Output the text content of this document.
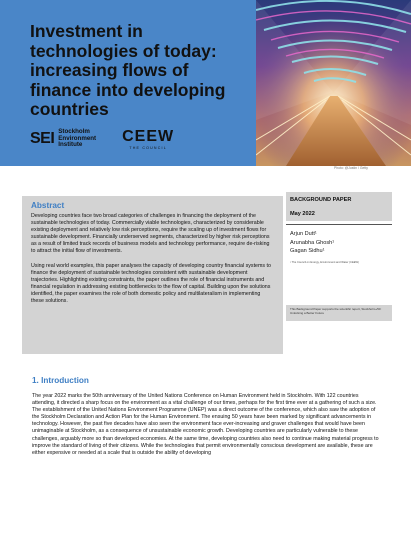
Investment in technologies of today: increasing flows of finance into developing countries
SEI Stockholm
Environment
Institute	CEEW
THE COUNCIL
Photo: @Justin / Getty
Abstract

Developing countries face two broad categories of challenges in financing the deployment of the sustainable technologies of today. Commercially viable technologies, characterized by considerable existing deployment and relatively low risk perceptions, require the scaling up of investment flows for sustainable development. Financially underserved segments, characterized by higher risk perceptions as a result of limited track records of business models and technology performance, require de-risking to attract the initial flow of investments.

Using real world examples, this paper analyses the capacity of developing country financial systems to finance the deployment of sustainable technologies consistent with sustainable development trajectories. Highlighting existing constraints, the paper outlines the role of financial instruments and financial regulation in addressing existing bottlenecks to the flow of capital. Building upon the solutions identified, the paper examines the role of both domestic policy and multilateralism in implementing these solutions.

BACKGROUND PAPER
May 2022
Arjun Dutt¹
Arunabha Ghosh¹
Gagan Sidhu¹
¹ The Council on Energy, Environment and Water (CEEW)
This Background Paper supports the scientific report, Stockholm+50: Unlocking a Better Future
1. Introduction

The year 2022 marks the 50th anniversary of the United Nations Conference on Human Environment held in Stockholm. With 122 countries attending, it directed a sharp focus on the environment as a vital challenge of our times, perhaps for the first time ever at a gathering of such a size. The establishment of the United Nations Environment Programme (UNEP) was a direct outcome of the conference, which also saw the adoption of the Stockholm Declaration and Action Plan for the Human Environment. The ensuing 50 years have been marked by significant advancements in technology. However, the past five decades have also seen the environment face ever-increasing and graver challenges that would have been unimaginable at Stockholm, as a consequence of unsustainable economic growth. Developing countries are particularly vulnerable to these challenges, arguably more so than developed economies. At the same time, developing countries also need to continue making material progress to improve the standard of living of their citizens. While the technologies that permit environmentally conscious development are available, these are either expensive or needed at a scale that is outside the ability of developing
